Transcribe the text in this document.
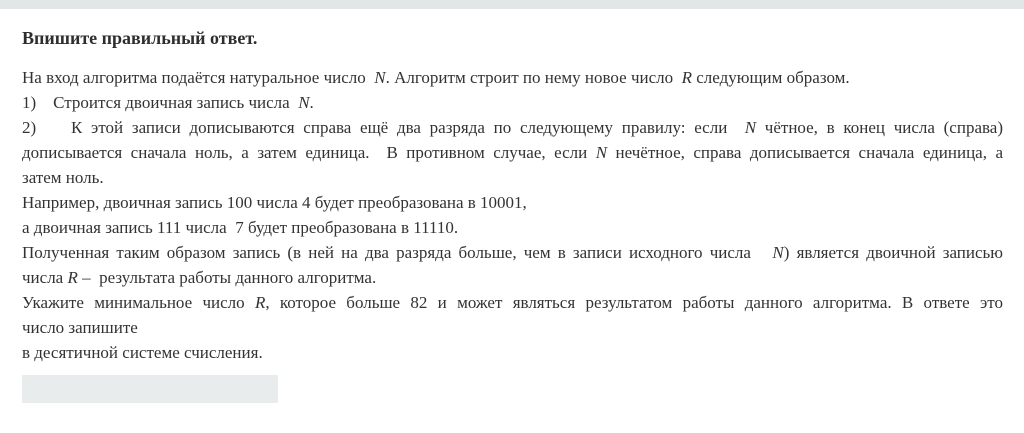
Впишите правильный ответ.
На вход алгоритма подаётся натуральное число  N. Алгоритм строит по нему новое число  R следующим образом.
1)    Строится двоичная запись числа  N.
2)    К этой записи дописываются справа ещё два разряда по следующему правилу: если  N чётное, в конец числа (справа)
дописывается сначала ноль, а затем единица.  В противном случае, если N нечётное, справа дописывается сначала единица, а
затем ноль.
Например, двоичная запись 100 числа 4 будет преобразована в 10001,
а двоичная запись 111 числа  7 будет преобразована в 11110.
Полученная таким образом запись (в ней на два разряда больше, чем в записи исходного числа   N) является двоичной записью
числа R –  результата работы данного алгоритма.
Укажите минимальное число R, которое больше 82 и может являться результатом работы данного алгоритма. В ответе это
число запишите
в десятичной системе счисления.
